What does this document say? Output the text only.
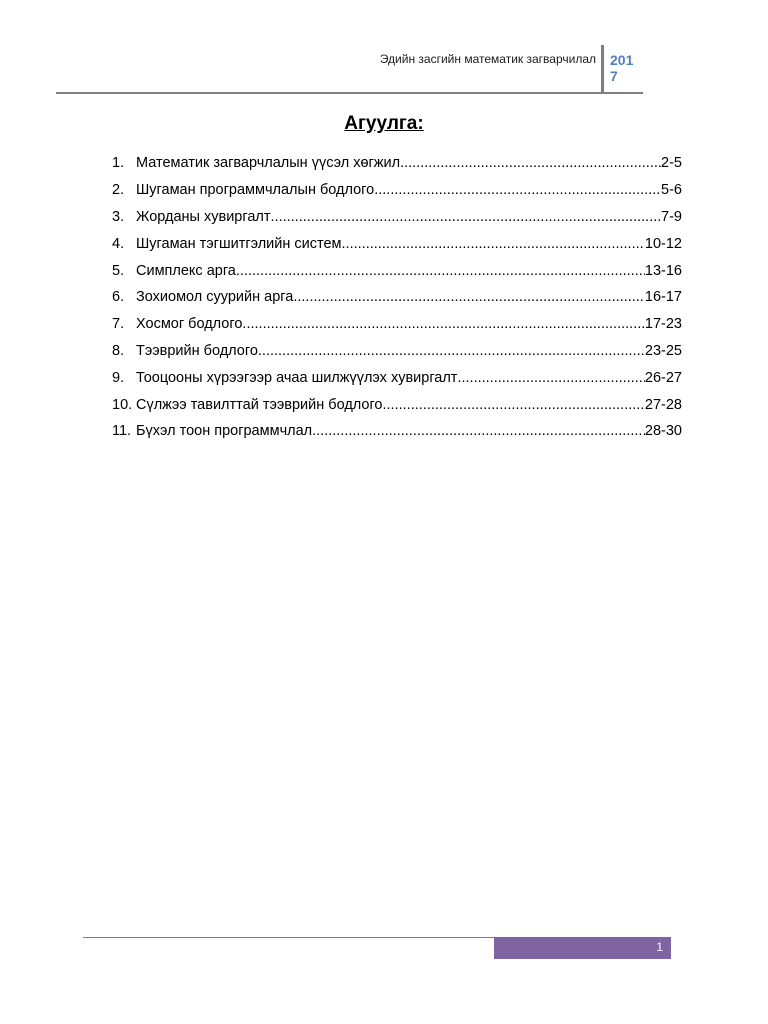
Эдийн засгийн математик загварчилал 2017
Агуулга:
1. Математик загварчлалын үүсэл хөгжил .....	2-5
2. Шугаман программчлалын бодлого .....	5-6
3. Жорданы хувиргалт .....	7-9
4. Шугаман тэгшитгэлийн систем .....	10-12
5. Симплекс арга .....	13-16
6. Зохиомол суурийн арга .....	16-17
7. Хосмог бодлого .....	17-23
8. Тээврийн бодлого .....	23-25
9. Тооцооны хүрээгээр ачаа шилжүүлэх хувиргалт .....	26-27
10. Сүлжээ тавилттай тээврийн бодлого .....	27-28
11. Бүхэл тоон программчлал .....	28-30
1
